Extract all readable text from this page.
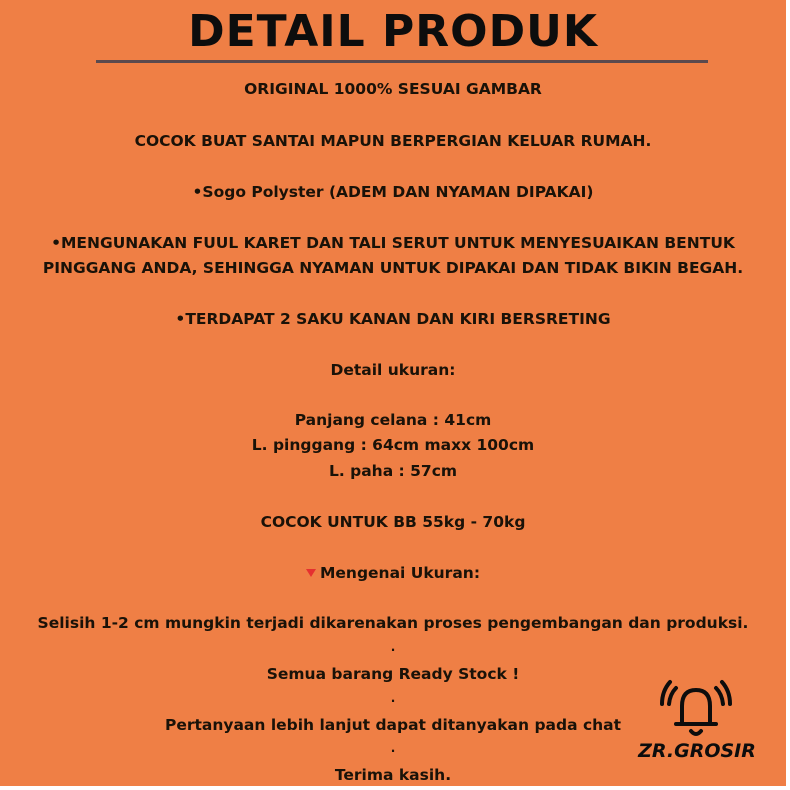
DETAIL PRODUK
ORIGINAL 1000% SESUAI GAMBAR
COCOK BUAT SANTAI MAPUN BERPERGIAN KELUAR RUMAH.
•Sogo Polyster (ADEM DAN NYAMAN DIPAKAI)
•MENGUNAKAN FUUL KARET DAN TALI SERUT UNTUK MENYESUAIKAN BENTUK
PINGGANG ANDA, SEHINGGA NYAMAN UNTUK DIPAKAI DAN TIDAK BIKIN BEGAH.
•TERDAPAT 2 SAKU KANAN DAN KIRI BERSRETING
Detail ukuran:
Panjang celana : 41cm
L. pinggang : 64cm maxx 100cm
L. paha : 57cm
COCOK UNTUK BB 55kg - 70kg
Mengenai Ukuran:
Selisih 1-2 cm mungkin terjadi dikarenakan proses pengembangan dan produksi.
.
Semua barang Ready Stock !
.
Pertanyaan lebih lanjut dapat ditanyakan pada chat
.
Terima kasih.
ZR.GROSIR
